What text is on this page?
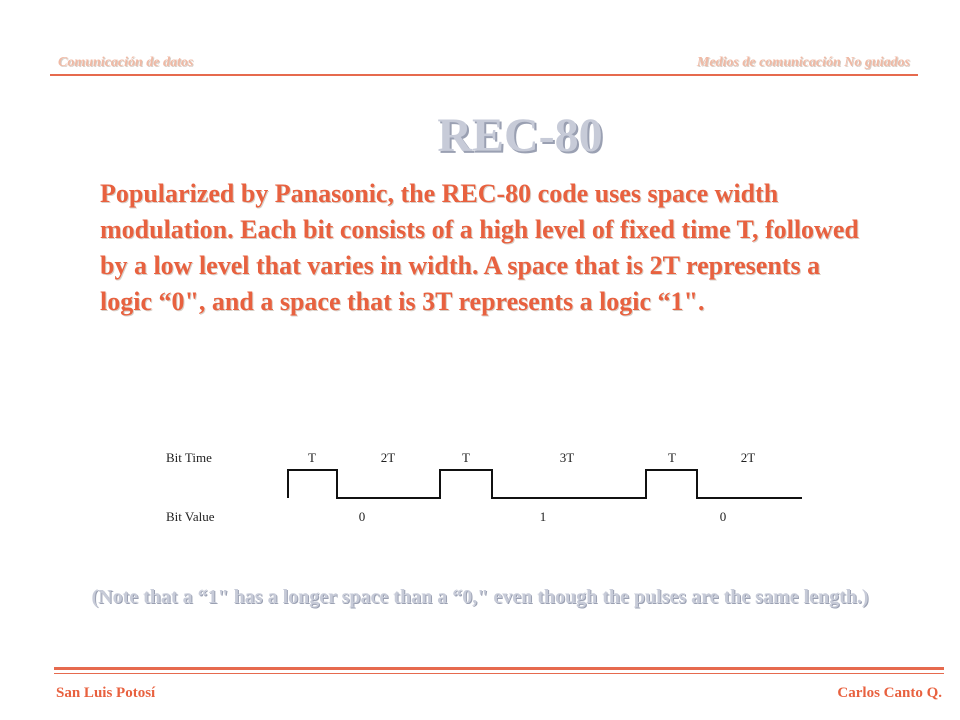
Comunicación de datos	Medios de comunicación No guiados
REC-80
Popularized by Panasonic, the REC-80 code uses space width modulation. Each bit consists of a high level of fixed time T, followed by a low level that varies in width. A space that is 2T represents a logic “0", and a space that is 3T represents a logic “1".
Bit Time
Bit Value
T	2T	T	3T	T	2T
0	1	0
(Note that a “1" has a longer space than a “0," even though the pulses are the same length.)
San Luis Potosí	Carlos Canto Q.
